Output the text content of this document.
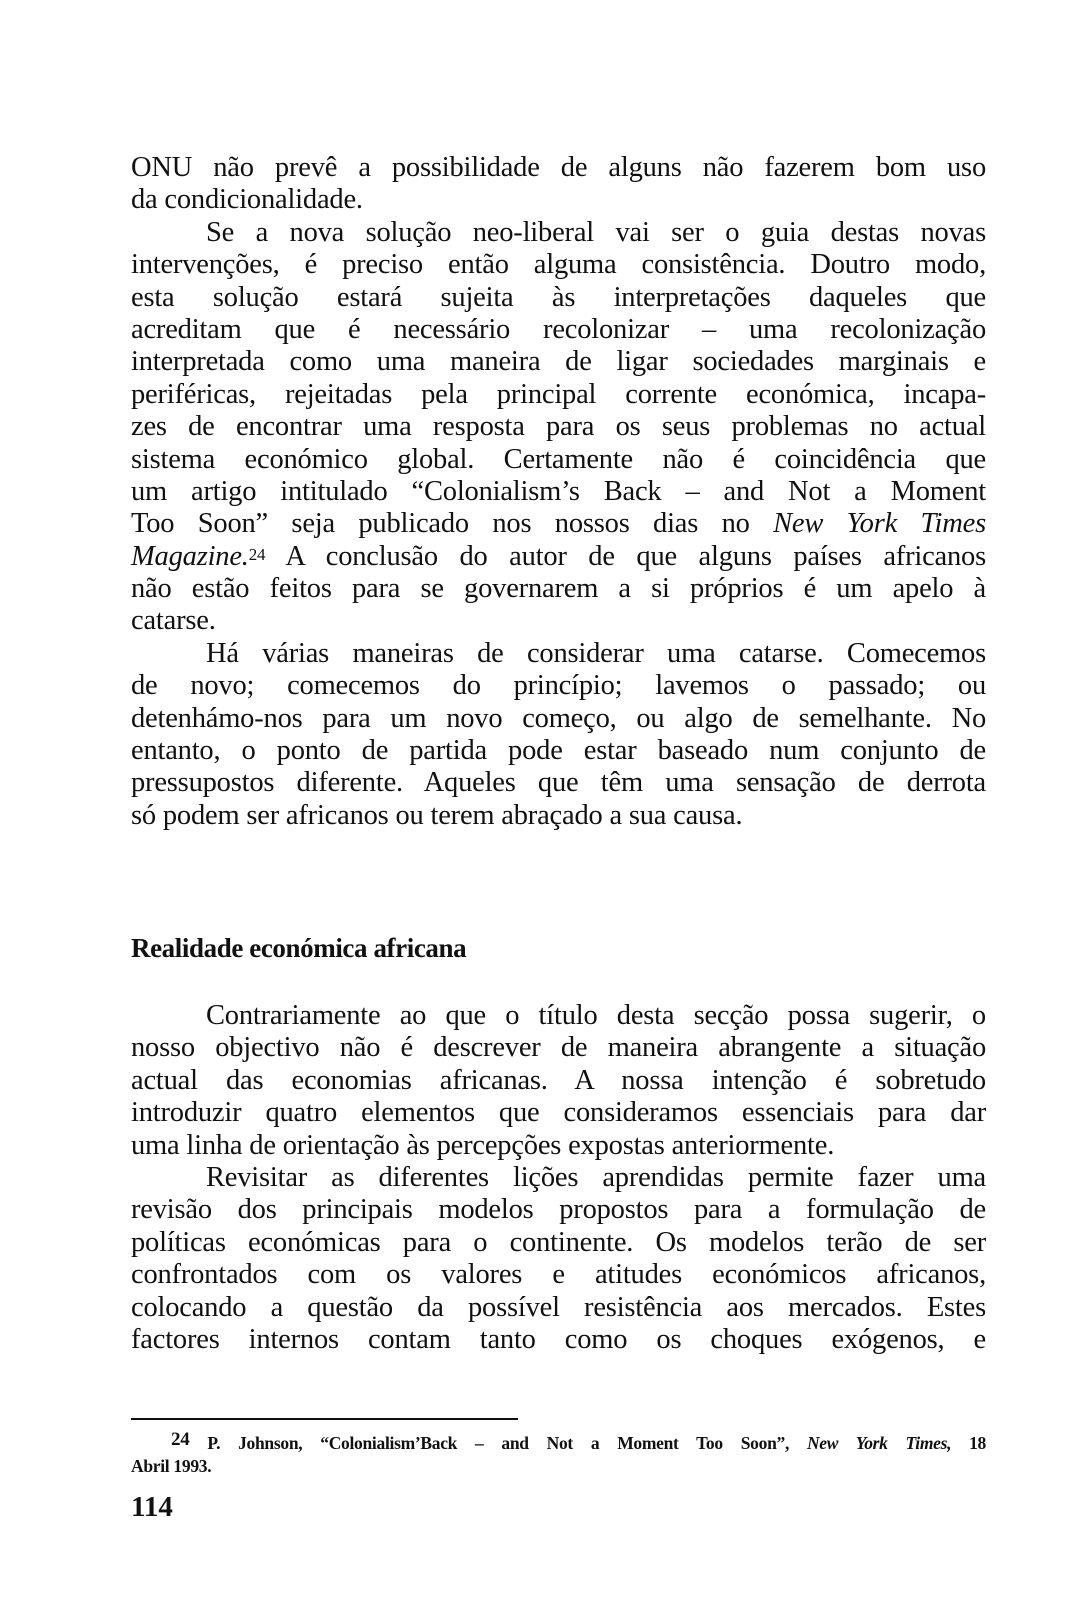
ONU não prevê a possibilidade de alguns não fazerem bom uso
da condicionalidade.
Se a nova solução neo-liberal vai ser o guia destas novas
intervenções, é preciso então alguma consistência. Doutro modo,
esta solução estará sujeita às interpretações daqueles que
acreditam que é necessário recolonizar – uma recolonização
interpretada como uma maneira de ligar sociedades marginais e
periféricas, rejeitadas pela principal corrente económica, incapa-
zes de encontrar uma resposta para os seus problemas no actual
sistema económico global. Certamente não é coincidência que
um artigo intitulado “Colonialism’s Back – and Not a Moment
Too Soon” seja publicado nos nossos dias no New York Times
Magazine.$^{24}$ A conclusão do autor de que alguns países africanos
não estão feitos para se governarem a si próprios é um apelo à
catarse.
Há várias maneiras de considerar uma catarse. Comecemos
de novo; comecemos do princípio; lavemos o passado; ou
detenhámo-nos para um novo começo, ou algo de semelhante. No
entanto, o ponto de partida pode estar baseado num conjunto de
pressupostos diferente. Aqueles que têm uma sensação de derrota
só podem ser africanos ou terem abraçado a sua causa.
Realidade económica africana
Contrariamente ao que o título desta secção possa sugerir, o
nosso objectivo não é descrever de maneira abrangente a situação
actual das economias africanas. A nossa intenção é sobretudo
introduzir quatro elementos que consideramos essenciais para dar
uma linha de orientação às percepções expostas anteriormente.
Revisitar as diferentes lições aprendidas permite fazer uma
revisão dos principais modelos propostos para a formulação de
políticas económicas para o continente. Os modelos terão de ser
confrontados com os valores e atitudes económicos africanos,
colocando a questão da possível resistência aos mercados. Estes
factores internos contam tanto como os choques exógenos, e
24 P. Johnson, “Colonialism’Back – and Not a Moment Too Soon”, New York Times, 18
Abril 1993.
114
